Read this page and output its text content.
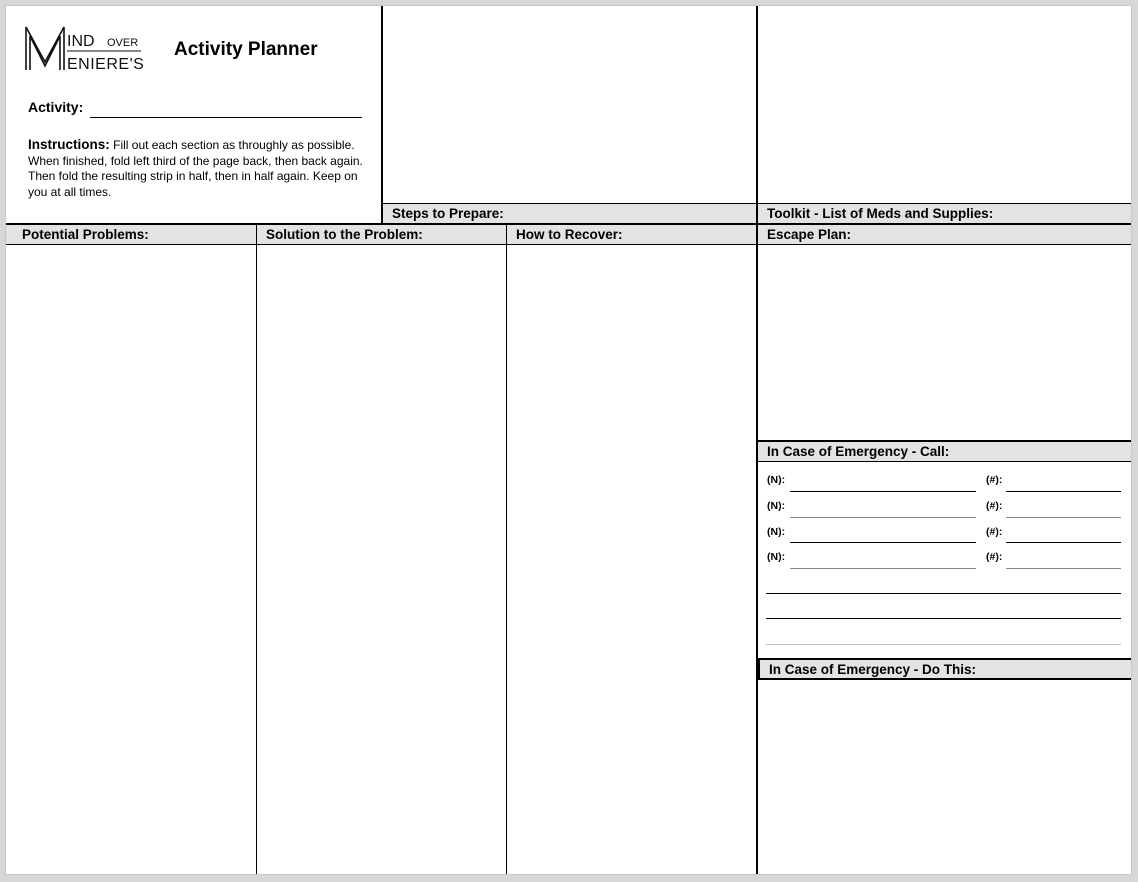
IND OVER
ENIERE'S
Activity Planner
Activity:
Instructions: Fill out each section as throughly as possible. When finished, fold left third of the page back, then back again. Then fold the resulting strip in half, then in half again. Keep on you at all times.
Steps to Prepare:	Toolkit - List of Meds and Supplies:
Potential Problems:	Solution to the Problem:	How to Recover:	Escape Plan:
In Case of Emergency - Call:
(N):	(#):
(N):	(#):
(N):	(#):
(N):	(#):
In Case of Emergency - Do This:
